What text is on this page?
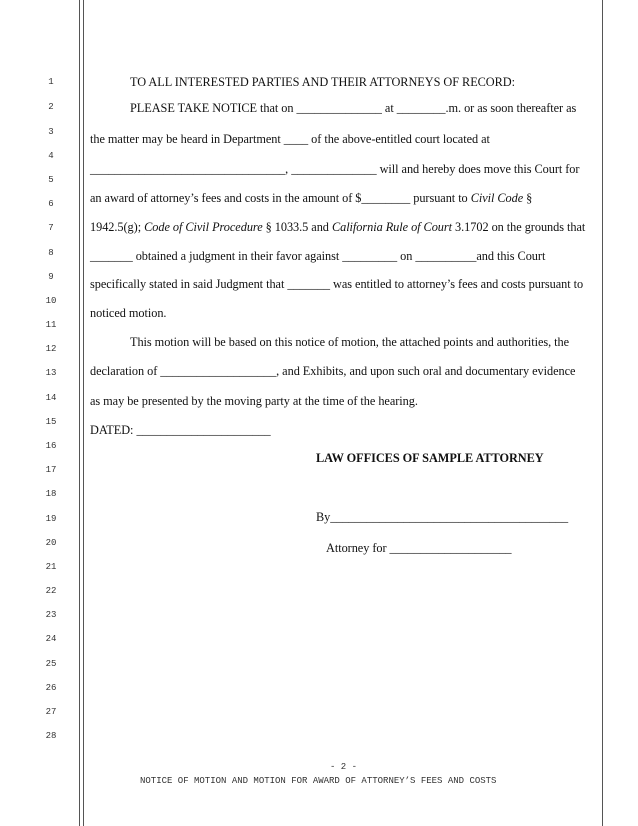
1
2
3
4
5
6
7
8
9
10
11
12
13
14
15
16
17
18
19
20
21
22
23
24
25
26
27
28
TO ALL INTERESTED PARTIES AND THEIR ATTORNEYS OF RECORD:
PLEASE TAKE NOTICE that on ______________ at ________.m. or as soon thereafter as
the matter may be heard in Department ____ of the above-entitled court located at
________________________________, ______________ will and hereby does move this Court for
an award of attorney’s fees and costs in the amount of $________ pursuant to Civil Code §
1942.5(g); Code of Civil Procedure § 1033.5 and California Rule of Court 3.1702 on the grounds that
_______ obtained a judgment in their favor against _________ on __________and this Court
specifically stated in said Judgment that _______ was entitled to attorney’s fees and costs pursuant to
noticed motion.
This motion will be based on this notice of motion, the attached points and authorities, the
declaration of ___________________, and Exhibits, and upon such oral and documentary evidence
as may be presented by the moving party at the time of the hearing.
DATED: ______________________
LAW OFFICES OF SAMPLE ATTORNEY
By_______________________________________
Attorney for ____________________
- 2 -
NOTICE OF MOTION AND MOTION FOR AWARD OF ATTORNEY’S FEES AND COSTS
